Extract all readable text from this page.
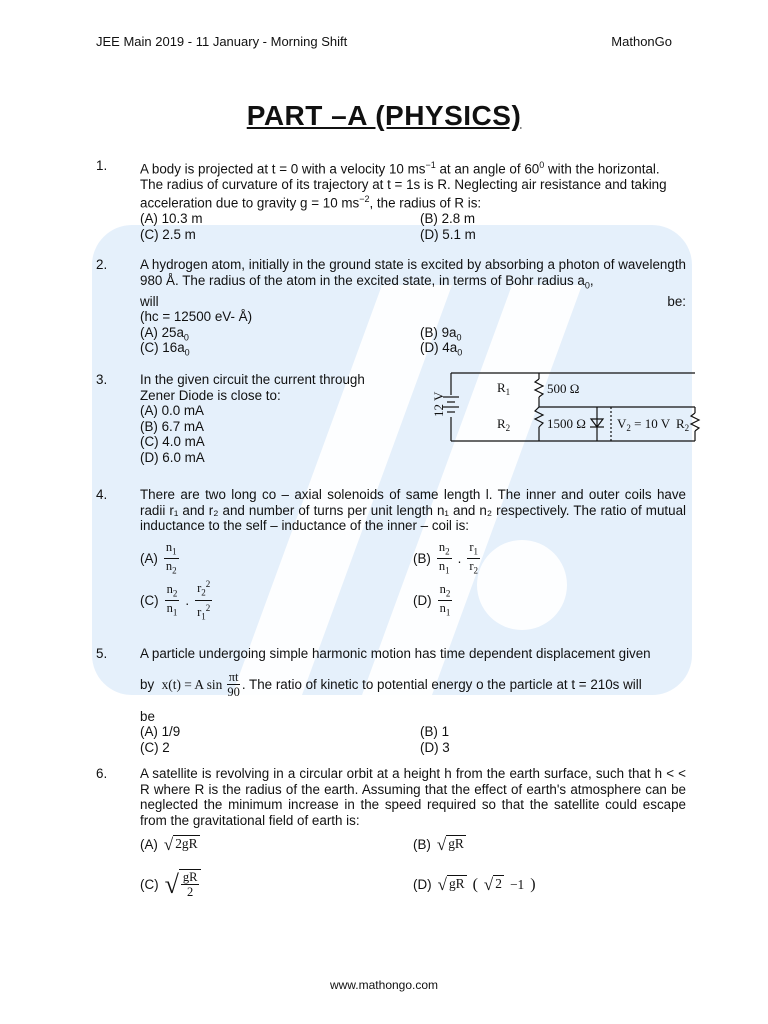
JEE Main 2019 - 11 January - Morning Shift	MathonGo
PART –A (PHYSICS)
1. A body is projected at t = 0 with a velocity 10 $ms^{-1}$ at an angle of $60^0$ with the horizontal. The radius of curvature of its trajectory at t = 1s is R. Neglecting air resistance and taking acceleration due to gravity g = 10 $ms^{-2}$, the radius of R is:
(A) 10.3 m	(B) 2.8 m
(C) 2.5 m	(D) 5.1 m
2. A hydrogen atom, initially in the ground state is excited by absorbing a photon of wavelength 980 Å. The radius of the atom in the excited state, in terms of Bohr radius $a_0$,
will	be:
(hc = 12500 eV- Å)
(A) $25a_0$	(B) $9a_0$
(C) $16a_0$	(D) $4a_0$
3. In the given circuit the current through
Zener Diode is close to:
(A) 0.0 mA
(B) 6.7 mA
(C) 4.0 mA
(D) 6.0 mA
12 V
$R_1$	500 Ω
$R_2$	1500 Ω $V_2 = 10$ V $R_2$
4. There are two long co – axial solenoids of same length l. The inner and outer coils have radii r₁ and r₂ and number of turns per unit length n₁ and n₂ respectively. The ratio of mutual inductance to the self – inductance of the inner – coil is:
$(A) \frac{n_1}{n_2}$	$(B) \frac{n_2}{n_1}$ . $\frac{r_1}{r_2}$
$(C) \frac{n_2}{n_1}$ . $\frac{r_2^2}{r_1^2}$	$(D) \frac{n_2}{n_1}$
5. A particle undergoing simple harmonic motion has time dependent displacement given
by x(t) = A $\sin \frac{\pi t}{90}$ . The ratio of kinetic to potential energy o the particle at t = 210s will
be
(A) 1/9	(B) 1
(C) 2	(D) 3
6. A satellite is revolving in a circular orbit at a height h from the earth surface, such that h < < R where R is the radius of the earth. Assuming that the effect of earth's atmosphere can be neglected the minimum increase in the speed required so that the satellite could escape from the gravitational field of earth is:
(A) √ 2gR	(B) √ gR
(C) √ $\frac{gR}{2}$	(D) √ gR ( √ 2 −1 )
www.mathongo.com
